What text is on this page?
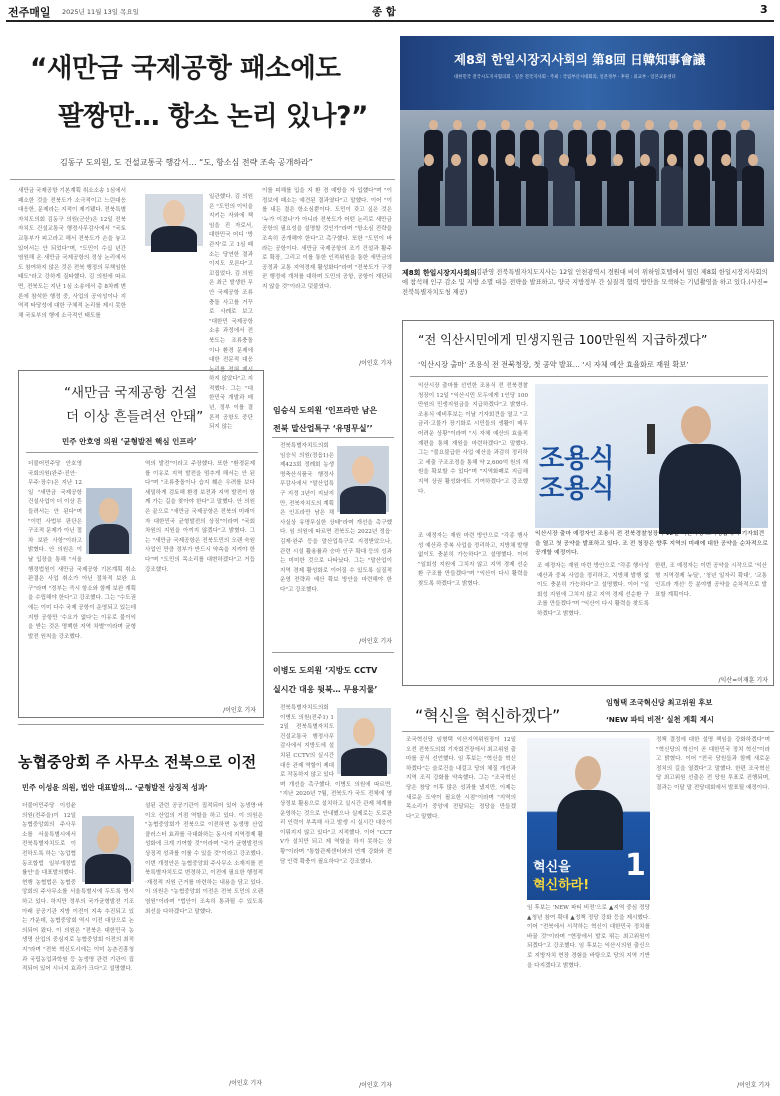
전주매일 2025년 11월 13일 목요일	종 합	3
“새만금 국제공항 패소에도
팔짱만… 항소 논리 있나?”
김동구 도의원, 도 건설교통국 행감서… “도, 항소심 전략 조속 공개하라”
새만금 국제공항 기본계획 취소소송 1심에서 패소한 것을 전북도가 소극적이고 느린대응 대응한, 문제라는 지적이 제기됐다. 전북특별자치도의회 김동구 의원(군산)은 12일 전북자치도 건설교통국 행정사무감사에서 "국토교통부가 피고라고 해서 전북도가 손을 놓고 있어서는 안 되었다"며, "도민이 수십 년간 염원해 온 새만금 국제공항의 정상 논리에서도 참여하지 않은 것은 전북 행정의 무책임한 태도"라고 강하게 질타했다. 김 의원에 따르면, 전북도는 지난 1심 소송에서 총 8차례 변론에 참석한 행정 중, 사업의 공익성이나 지역적 타당성에 대한 구체적 논리를 제시 못한 채 국토부의 행에 소극적인 태도를
일관했다. 김 의원은 "도민의 이익을 지키는 자와에 책임을 진 자로서, 대한민국 어디 '방관자'로 고 1심 패소는 당연한 결과이지도 모른다"고 꼬집었다. 김 의원은 최근 발생한 무안 국제공항 조류충돌 사고를 거꾸로 사례로 보고 "대한민 국제공항 소송 과정에서 전북도는 조류충돌이나 환경 문제에 대한 전문적 대응 논리를 전혀 제시하지 않았다"고 지적했다. 그는 "대한민국 개발과 매년, 정부 이를 결론적 공항도 중단되지 않는
이를 피해를 입을 지 환 경 예방을 자 입했다"며 "이 정보에 패소는 예견된 결과였다"고 말했다. 이어 "이를 내든 결은 항소심뿐이다. 도민이 갖고 싶은 것은 '누가 이겼나'가 아니라 전북도가 어떤 논리로 새만금공항의 필요성을 설명할 것인가"라며 "항소심 전략을 조속히 공개해야 한다"고 촉구했다. 또한 "도민이 바라는 공항이다. 새만금 국제공항의 조기 건설과 활주로 확장, 그리고 이를 통한 인적위원을 통한 새만금의 공정과 교통 지역경제 활성화다"라며 "전북도가 구경꾼 행정에 개처를 대하며 도민의 공항, 공항이 재단되지 않을 것"이라고 덧붙였다.
/이인호 기자
제8회 한일시장지사회의 第8回 日韓知事會議
대한민국 전국시도지사협의회 · 일본 전국지사회 · 주최 : 국립부산시대회의, 일본정부 · 후원 : 외교부 · 일본교류센터
제8회 한일시장지사회의 김관영 전북특별자치도지사는 12일 인천광역시 경원대 비이 위하임호텔에서 열린 제8회 한일시장지사회의에 참석해 인구 감소 및 지방 소멸 대응 전략을 발표하고, 양국 지방정부 간 실질적 협력 방안을 모색하는 기념촬영을 하고 있다.(사진=전북특별자치도청 제공)
“새만금 국제공항 건설
더 이상 흔들려선 안돼”
민주 안호영 의원 ‘균형발전 핵심 인프라’
더불어민주당 안호영 국회의원(완주·진안·무주·장수)은 지난 12일 "새만금 국제공항 건설사업이 더 이상 흔들려서는 안 된다"며 "이번 사법부 판단은 구조적 문제가 아닌 절차 보완 사항"이라고 밝혔다. 안 의원은 이날 입장을 통해 "서울행정법원이 새만금 국제공항 기본계획 취소 판결은 사업 취소가 아닌 절차적 보완 요구"라며 "정부는 즉시 항소와 함께 보완 계획을 수립해야 한다"고 강조했다. 그는 "수도권에는 이미 다수 국제 공항이 운영되고 있는데 지방 공항만 '수요가 없다'는 이유로 불이익을 받는 것은 명백한 지역 차별"이라며 균형발전 원칙을 강조했다.
역의 발전"이라고 주장했다. 또한 "환경문제를 이유로 지역 발전을 멈추게 해서는 안 된다"며 "조류충돌이나 습지 훼손 우려를 보다 세밀하게 검토해 환경 보전과 지역 발전이 함께 가는 길을 찾아야 한다"고 말했다. 안 의원은 끝으로 "새만금 국제공항은 전북의 미래이자 대한민국 균형발전의 상징"이라며 "국회 차원의 지원을 아끼지 않겠다"고 밝혔다. 그는 "새만금 국제공항은 전북도민의 오랜 숙원사업인 만큼 정부가 반드시 약속을 지켜야 한다"며 "도민의 목소리를 대변하겠다"고 거듭 강조했다.
/이인호 기자
임승식 도의원 ‘인프라만 남은
전북 말산업특구 ‘유명무실’’
전북특별자치도의회 임승식 의원(정읍1)은 제423회 정례회 농생명축산식품국 행정사무감사에서 "말산업특구 지정 3년이 지났지만, 전북자치도의 계획은 인프라만 남은 채 사실상 유명무실한 상태"라며 개선을 촉구했다. 임 의원에 따르면 전북도는 2022년 정읍·김제·완주 등을 말산업특구로 지정받았으나, 관련 시설 활용률과 승마 인구 확대 등의 성과는 미미한 것으로 나타났다. 그는 "말산업이 지역 경제 활성화로 이어질 수 있도록 실질적 운영 전략과 예산 확보 방안을 마련해야 한다"고 강조했다.
/이인호 기자
이병도 도의원 ‘지방도 CCTV
실시간 대응 뒷북… 무용지물’
전북특별자치도의회 이병도 의원(전주1) 12일 전북특별자치도 건설교통국 행정사무감사에서 지방도에 설치된 CCTV의 실시간 대응 관제 역할이 제대로 작동하지 않고 있다며 개선을 촉구했다. 이병도 의원에 따르면, "지난 2020년 7월, 전북도가 국도 전체에 영상정보 활용으로 설치하고 실시간 관제 체계를 운영하는 것으로 안내했으나 실제로는 도로관리 인력이 부족해 사고 발생 시 실시간 대응이 이뤄지지 않고 있다"고 지적했다. 이어 "CCTV가 설치만 되고 제 역할을 하지 못하는 상황"이라며 "통합관제센터와의 연계 강화와 전담 인력 확충이 필요하다"고 강조했다.
/이인호 기자
농협중앙회 주 사무소 전북으로 이전
민주 이성윤 의원, 법안 대표발의… ‘균형발전 상징적 성과’
더불어민주당 이성윤 의원(전주을)이 12일 농협중앙회의 주사무소를 서울특별시에서 전북특별자치도로 이전하도록 하는 '농업협동조합법 일부개정법률안'을 대표발의했다. 현행 농협법은 농협중앙회의 주사무소를 서울특별시에 두도록 명시하고 있다. 하지만 정부의 국가균형발전 기조 아래 공공기관 지방 이전이 지속 추진되고 있는 가운데, 농협중앙회 역시 이전 대상으로 논의되어 왔다. 이 의원은 "전북은 대한민국 농생명 산업의 중심지로 농협중앙회 이전의 최적지"라며 "전북 혁신도시에는 이미 농촌진흥청과 국립농업과학원 등 농생명 관련 기관이 집적되어 있어 시너지 효과가 크다"고 설명했다.
설된 관련 공공기관이 집적되어 있어 농생명·바이오 산업의 거점 역할을 하고 있다. 이 의원은 "농협중앙회가 전북으로 이전하면 농생명 산업 클러스터 효과를 극대화하는 동시에 지역경제 활성화에 크게 기여할 것"이라며 "국가 균형발전의 상징적 성과를 이룰 수 있을 것"이라고 강조했다. 이번 개정안은 농협중앙회 주사무소 소재지를 전북특별자치도로 변경하고, 이전에 필요한 행정적·재정적 지원 근거를 마련하는 내용을 담고 있다. 이 의원은 "농협중앙회 이전은 전북 도민의 오랜 염원"이라며 "법안이 조속히 통과될 수 있도록 최선을 다하겠다"고 말했다.
/이인호 기자
“전 익산시민에게 민생지원금 100만원씩 지급하겠다”
‘익산시장 출마’ 조용식 전 전북청장, 첫 공약 발표… ‘시 자체 예산 효율화로 재원 확보’
익산시장 출마를 선언한 조용식 전 전북경찰청장이 12일 "익산시민 모두에게 1인당 100만원의 민생지원금을 지급하겠다"고 밝혔다. 조용식 예비후보는 이날 기자회견을 열고 "고금리·고물가 장기화로 시민들의 생활이 매우 어려운 상황"이라며 "시 자체 예산의 효율적 재편을 통해 재원을 마련하겠다"고 말했다. 그는 "불요불급한 사업 예산을 과감히 정리하고 세출 구조조정을 통해 약 2,600억 원의 재원을 확보할 수 있다"며 "지역화폐로 지급해 지역 상권 활성화에도 기여하겠다"고 강조했다.
조용식
조용식
익산시장 출마 예정자인 조용식 전 전북경찰청장이 12일 익산시청 브리핑룸에서 기자회견을 열고 첫 공약을 발표하고 있다. 조 전 청장은 향후 지역의 미래에 대한 공약을 순차적으로 공개할 예정이다.
조 예정자는 재원 마련 방안으로 "각종 행사성 예산과 중복 사업을 정리하고, 지방채 발행 없이도 충분히 가능하다"고 설명했다. 이어 "일회성 지원에 그치지 않고 지역 경제 선순환 구조를 만들겠다"며 "익산이 다시 활력을 찾도록 하겠다"고 밝혔다.
조 예정자는 재원 마련 방안으로 "각종 행사성 예산과 중복 사업을 정리하고, 지방채 발행 없이도 충분히 가능하다"고 설명했다. 이어 "일회성 지원에 그치지 않고 지역 경제 선순환 구조를 만들겠다"며 "익산이 다시 활력을 찾도록 하겠다"고 밝혔다.
한편, 조 예정자는 이번 공약을 시작으로 '익산형 지역경제 뉴딜', '청년 일자리 확대', '교통 인프라 개선' 등 분야별 공약을 순차적으로 발표할 계획이다.
/익산=이재훈 기자
“혁신을 혁신하겠다”
임형택 조국혁신당 최고위원 후보
‘NEW 파티 비전’ 실천 계획 제시
조국혁신당 임형택 익산지역위원장이 12일 오전 전북도의회 기자회견장에서 최고위원 출마를 공식 선언했다. 임 후보는 "혁신을 혁신하겠다"는 슬로건을 내걸고 당의 체질 개선과 지역 조직 강화를 약속했다. 그는 "조국혁신당은 창당 이후 많은 성과를 냈지만, 이제는 새로운 도약이 필요한 시점"이라며 "지역의 목소리가 중앙에 전달되는 정당을 만들겠다"고 말했다.
혁신을
혁신하라!
1
임 후보는 'NEW 파티 비전'으로 ▲지역 중심 정당 ▲청년 참여 확대 ▲정책 정당 강화 등을 제시했다. 이어 "전북에서 시작하는 혁신이 대한민국 정치를 바꿀 것"이라며 "현장에서 발로 뛰는 최고위원이 되겠다"고 강조했다. 임 후보는 익산시의원 출신으로 지방자치 현장 경험을 바탕으로 당의 지역 기반을 다지겠다고 밝혔다.
정책 결정에 대한 설명 책임을 강화하겠다"며 "혁신당의 혁신이 곧 대한민국 정치 혁신"이라고 밝혔다. 이어 "전국 당원들과 함께 새로운 정치의 길을 열겠다"고 말했다. 한편 조국혁신당 최고위원 선출은 전 당원 투표로 진행되며, 결과는 이달 말 전당대회에서 발표될 예정이다.
/이인호 기자
